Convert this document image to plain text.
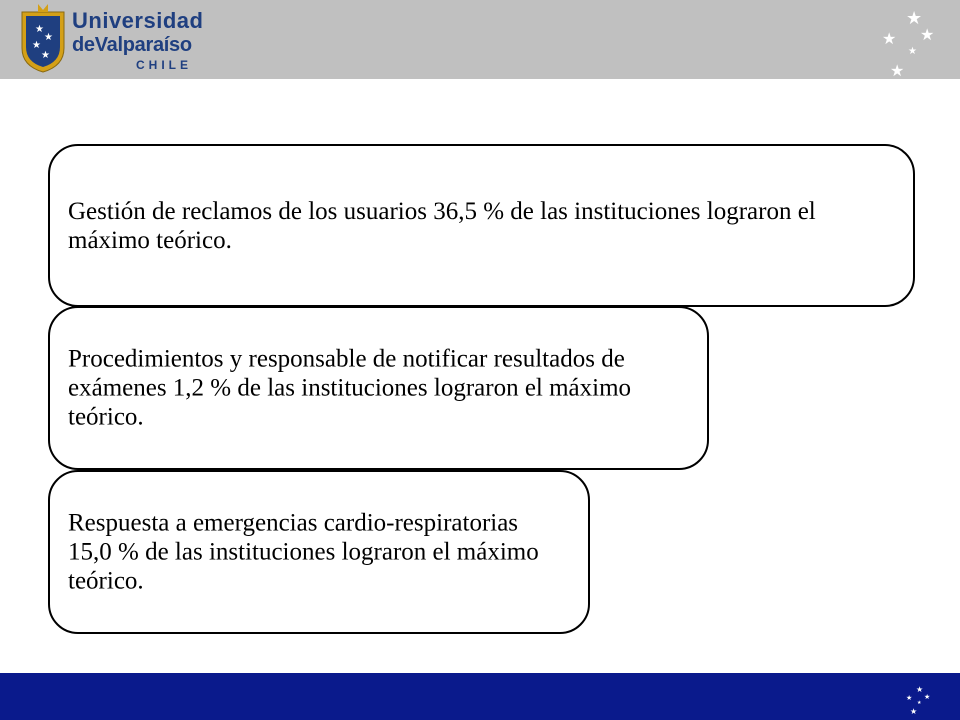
★
★
★
★
Universidad
deValparaíso
CHILE
★
★ ★
★
★
Gestión de reclamos de los usuarios 36,5 % de las instituciones lograron el máximo teórico.
Procedimientos y responsable de notificar resultados de exámenes 1,2 % de las instituciones lograron el máximo teórico.
Respuesta a emergencias cardio-respiratorias 15,0 % de las instituciones lograron el máximo teórico.
★
★ ★
★
★
